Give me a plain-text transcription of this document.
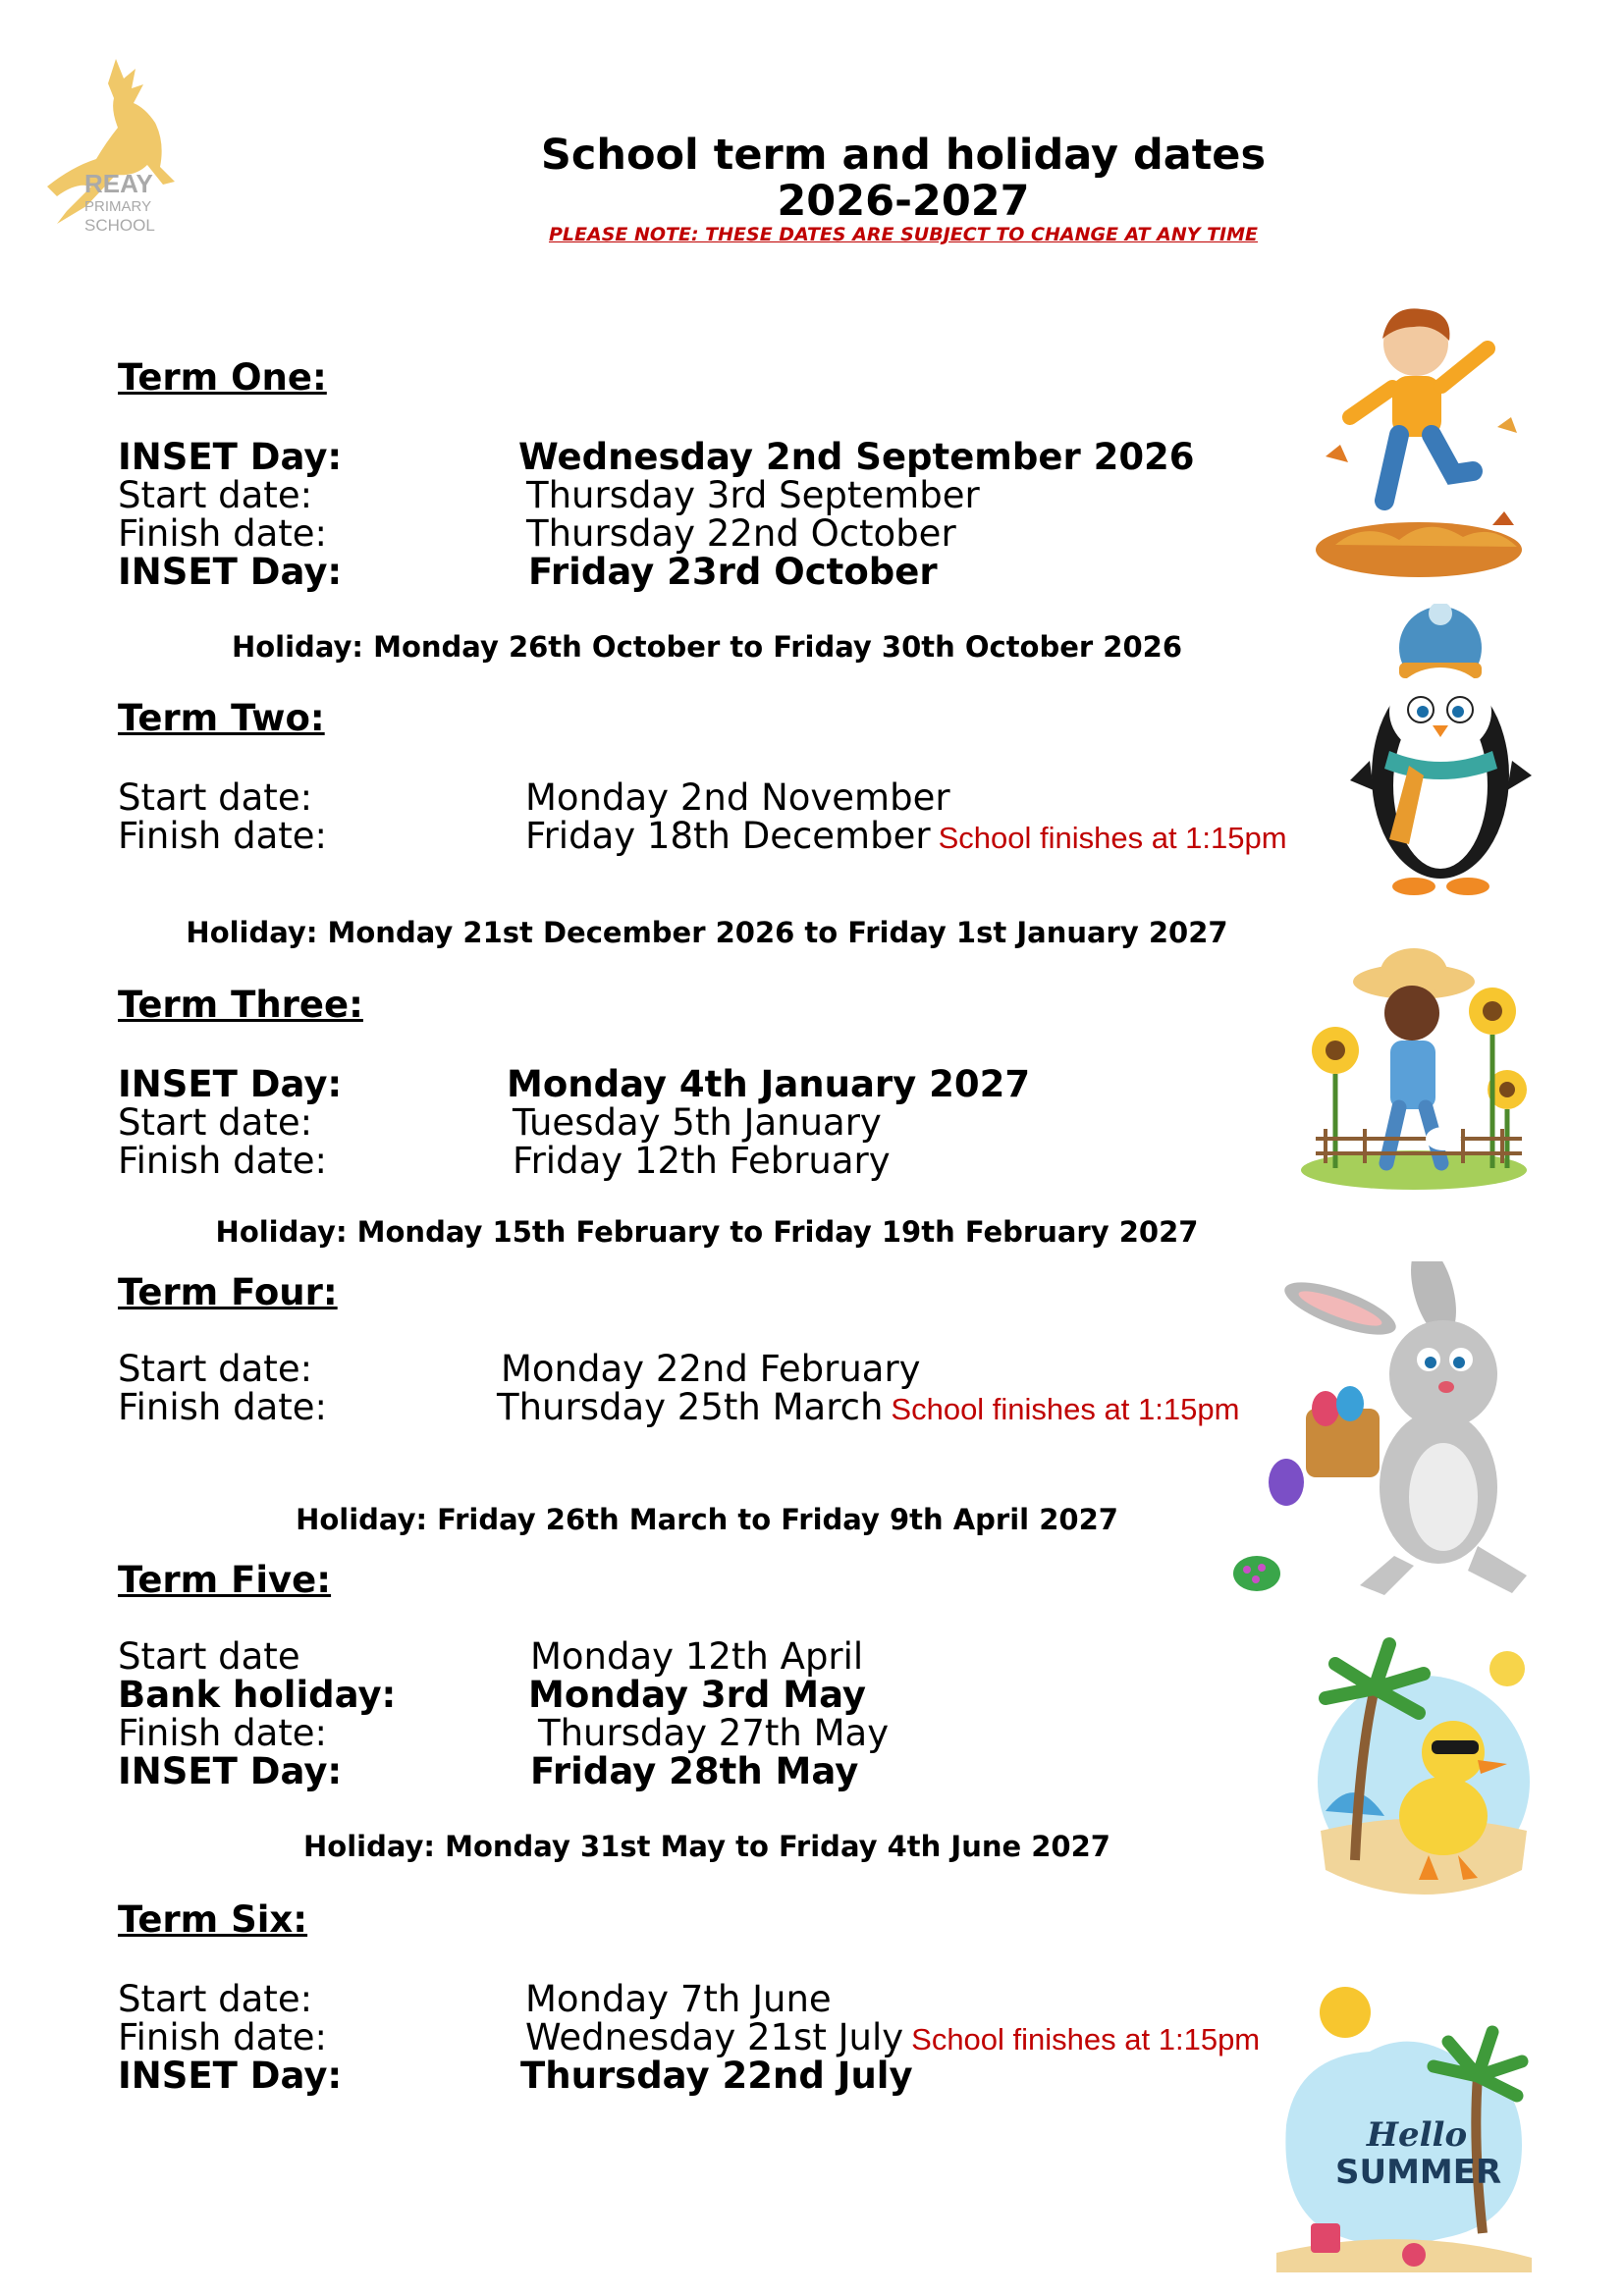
REAY
PRIMARY
SCHOOL
School term and holiday dates
2026-2027
PLEASE NOTE: THESE DATES ARE SUBJECT TO CHANGE AT ANY TIME
Term One:
INSET Day:	Wednesday 2nd September 2026
Start date:	Thursday 3rd September
Finish date:	Thursday 22nd October
INSET Day:	Friday 23rd October
Holiday: Monday 26th October to Friday 30th October 2026
Term Two:
Start date:	Monday 2nd November
Finish date:	Friday 18th December School finishes at 1:15pm
Holiday: Monday 21st December 2026 to Friday 1st January 2027
Term Three:
INSET Day:	Monday 4th January 2027
Start date:	Tuesday 5th January
Finish date:	Friday 12th February
Holiday: Monday 15th February to Friday 19th February 2027
Term Four:
Start date:	Monday 22nd February
Finish date:	Thursday 25th March School finishes at 1:15pm
Holiday: Friday 26th March to Friday 9th April 2027
Term Five:
Start date	Monday 12th April
Bank holiday:	Monday 3rd May
Finish date:	Thursday 27th May
INSET Day:	Friday 28th May
Holiday: Monday 31st May to Friday 4th June 2027
Term Six:
Start date:	Monday 7th June
Finish date:	Wednesday 21st July School finishes at 1:15pm
INSET Day:	Thursday 22nd July
Hello
SUMMER
